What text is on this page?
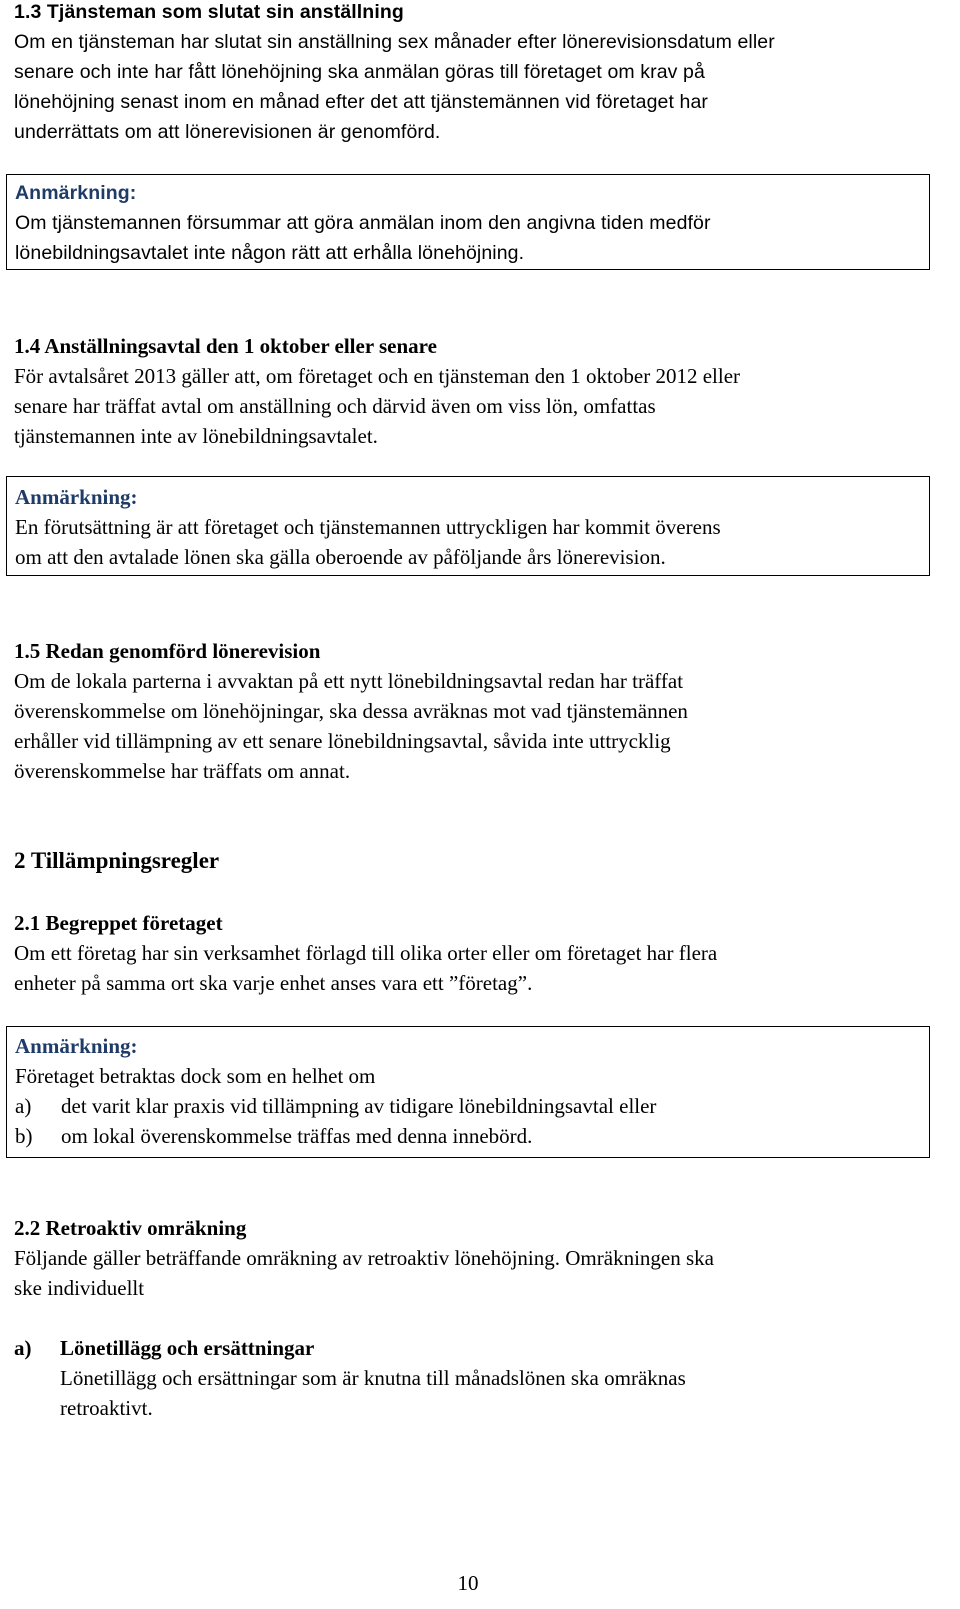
1.3 Tjänsteman som slutat sin anställning
Om en tjänsteman har slutat sin anställning sex månader efter lönerevisionsdatum eller
senare och inte har fått lönehöjning ska anmälan göras till företaget om krav på
lönehöjning senast inom en månad efter det att tjänstemännen vid företaget har
underrättats om att lönerevisionen är genomförd.
Anmärkning:
Om tjänstemannen försummar att göra anmälan inom den angivna tiden medför
lönebildningsavtalet inte någon rätt att erhålla lönehöjning.
1.4 Anställningsavtal den 1 oktober eller senare
För avtalsåret 2013 gäller att, om företaget och en tjänsteman den 1 oktober 2012 eller
senare har träffat avtal om anställning och därvid även om viss lön, omfattas
tjänstemannen inte av lönebildningsavtalet.
Anmärkning:
En förutsättning är att företaget och tjänstemannen uttryckligen har kommit överens
om att den avtalade lönen ska gälla oberoende av påföljande års lönerevision.
1.5 Redan genomförd lönerevision
Om de lokala parterna i avvaktan på ett nytt lönebildningsavtal redan har träffat
överenskommelse om lönehöjningar, ska dessa avräknas mot vad tjänstemännen
erhåller vid tillämpning av ett senare lönebildningsavtal, såvida inte uttrycklig
överenskommelse har träffats om annat.
2 Tillämpningsregler
2.1 Begreppet företaget
Om ett företag har sin verksamhet förlagd till olika orter eller om företaget har flera
enheter på samma ort ska varje enhet anses vara ett ”företag”.
Anmärkning:
Företaget betraktas dock som en helhet om
a) det varit klar praxis vid tillämpning av tidigare lönebildningsavtal eller
b) om lokal överenskommelse träffas med denna innebörd.
2.2 Retroaktiv omräkning
Följande gäller beträffande omräkning av retroaktiv lönehöjning. Omräkningen ska
ske individuellt
a) Lönetillägg och ersättningar
Lönetillägg och ersättningar som är knutna till månadslönen ska omräknas
retroaktivt.
10
